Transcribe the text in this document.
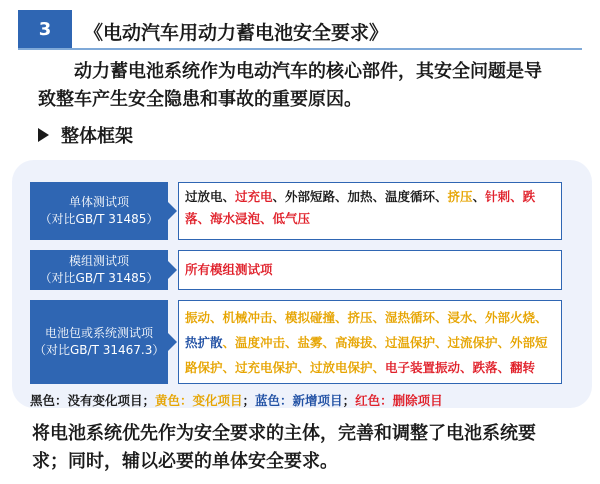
3	《电动汽车用动力蓄电池安全要求》
动力蓄电池系统作为电动汽车的核心部件，其安全问题是导
致整车产生安全隐患和事故的重要原因。
整体框架
单体测试项
（对比GB/T 31485）
过放电、过充电、外部短路、加热、温度循环、挤压、针刺、跌落、海水浸泡、低气压
模组测试项
（对比GB/T 31485）
所有模组测试项
电池包或系统测试项
（对比GB/T 31467.3）
振动、机械冲击、模拟碰撞、挤压、湿热循环、浸水、外部火烧、热扩散、温度冲击、盐雾、高海拔、过温保护、过流保护、外部短路保护、过充电保护、过放电保护、电子装置振动、跌落、翻转
黑色：没有变化项目；黄色：变化项目；蓝色：新增项目；红色：删除项目
将电池系统优先作为安全要求的主体，完善和调整了电池系统要
求；同时，辅以必要的单体安全要求。
